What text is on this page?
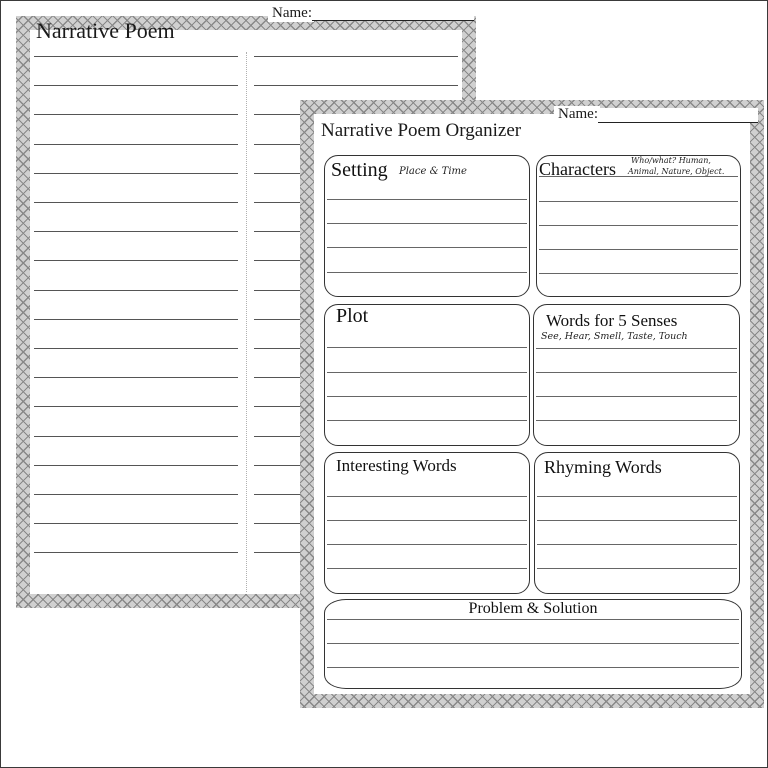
Name:
Narrative Poem
Name:
Narrative Poem Organizer
Setting Place & Time	Characters Who/what? Human,
Animal, Nature, Object.
Plot	Words for 5 Senses
See, Hear, Smell, Taste, Touch
Interesting Words	Rhyming Words
Problem & Solution
